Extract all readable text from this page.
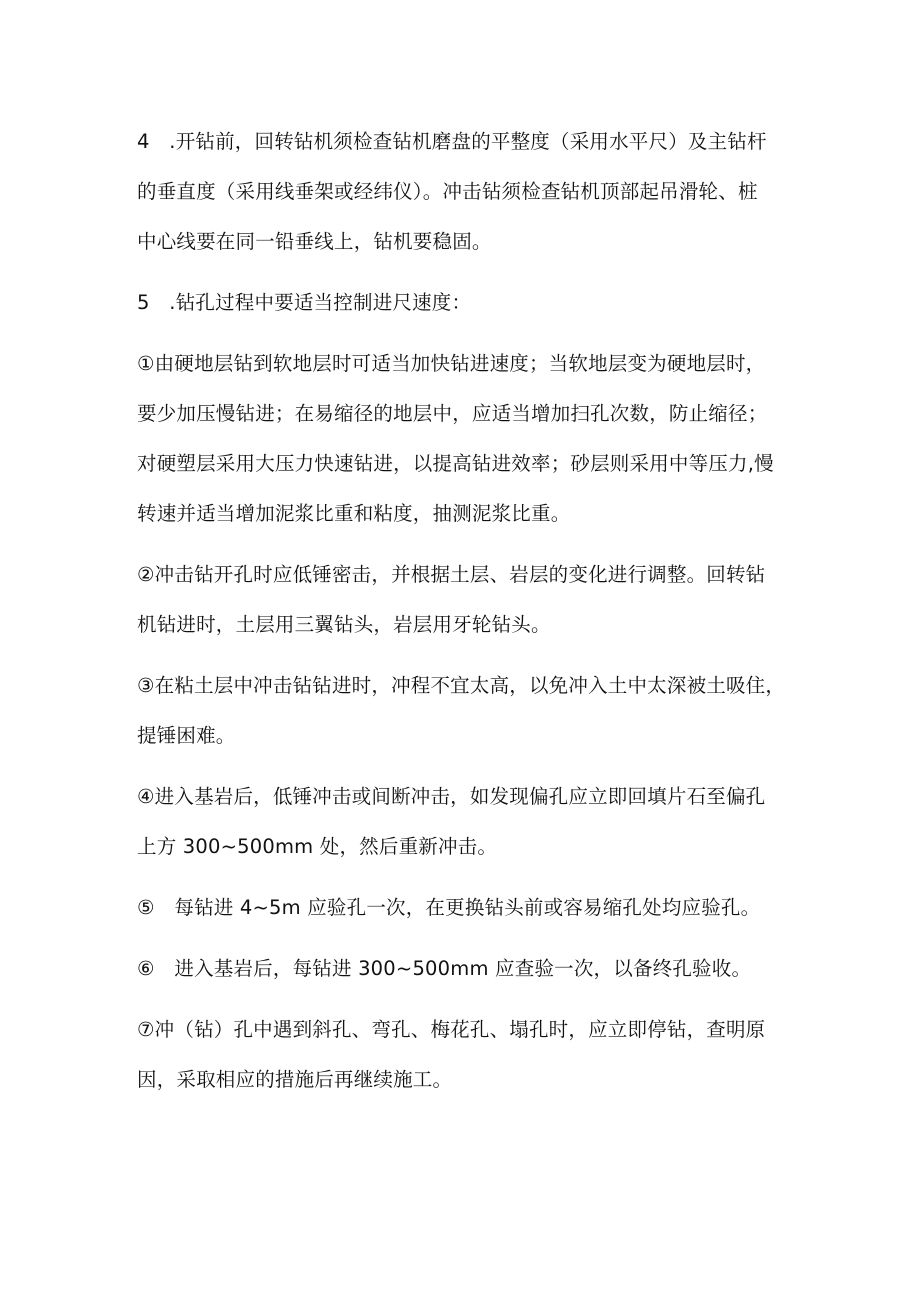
4　.开钻前，回转钻机须检查钻机磨盘的平整度（采用水平尺）及主钻杆
的垂直度（采用线垂架或经纬仪）。冲击钻须检查钻机顶部起吊滑轮、桩
中心线要在同一铅垂线上，钻机要稳固。
5　.钻孔过程中要适当控制进尺速度：
①由硬地层钻到软地层时可适当加快钻进速度；当软地层变为硬地层时，
要少加压慢钻进；在易缩径的地层中，应适当增加扫孔次数，防止缩径；
对硬塑层采用大压力快速钻进，以提高钻进效率；砂层则采用中等压力,慢
转速并适当增加泥浆比重和粘度，抽测泥浆比重。
②冲击钻开孔时应低锤密击，并根据土层、岩层的变化进行调整。回转钻
机钻进时，土层用三翼钻头，岩层用牙轮钻头。
③在粘土层中冲击钻钻进时，冲程不宜太高，以免冲入土中太深被土吸住，
提锤困难。
④进入基岩后，低锤冲击或间断冲击，如发现偏孔应立即回填片石至偏孔
上方 300~500mm 处，然后重新冲击。
⑤　每钻进 4~5m 应验孔一次，在更换钻头前或容易缩孔处均应验孔。
⑥　进入基岩后，每钻进 300~500mm 应查验一次，以备终孔验收。
⑦冲（钻）孔中遇到斜孔、弯孔、梅花孔、塌孔时，应立即停钻，查明原
因，采取相应的措施后再继续施工。
